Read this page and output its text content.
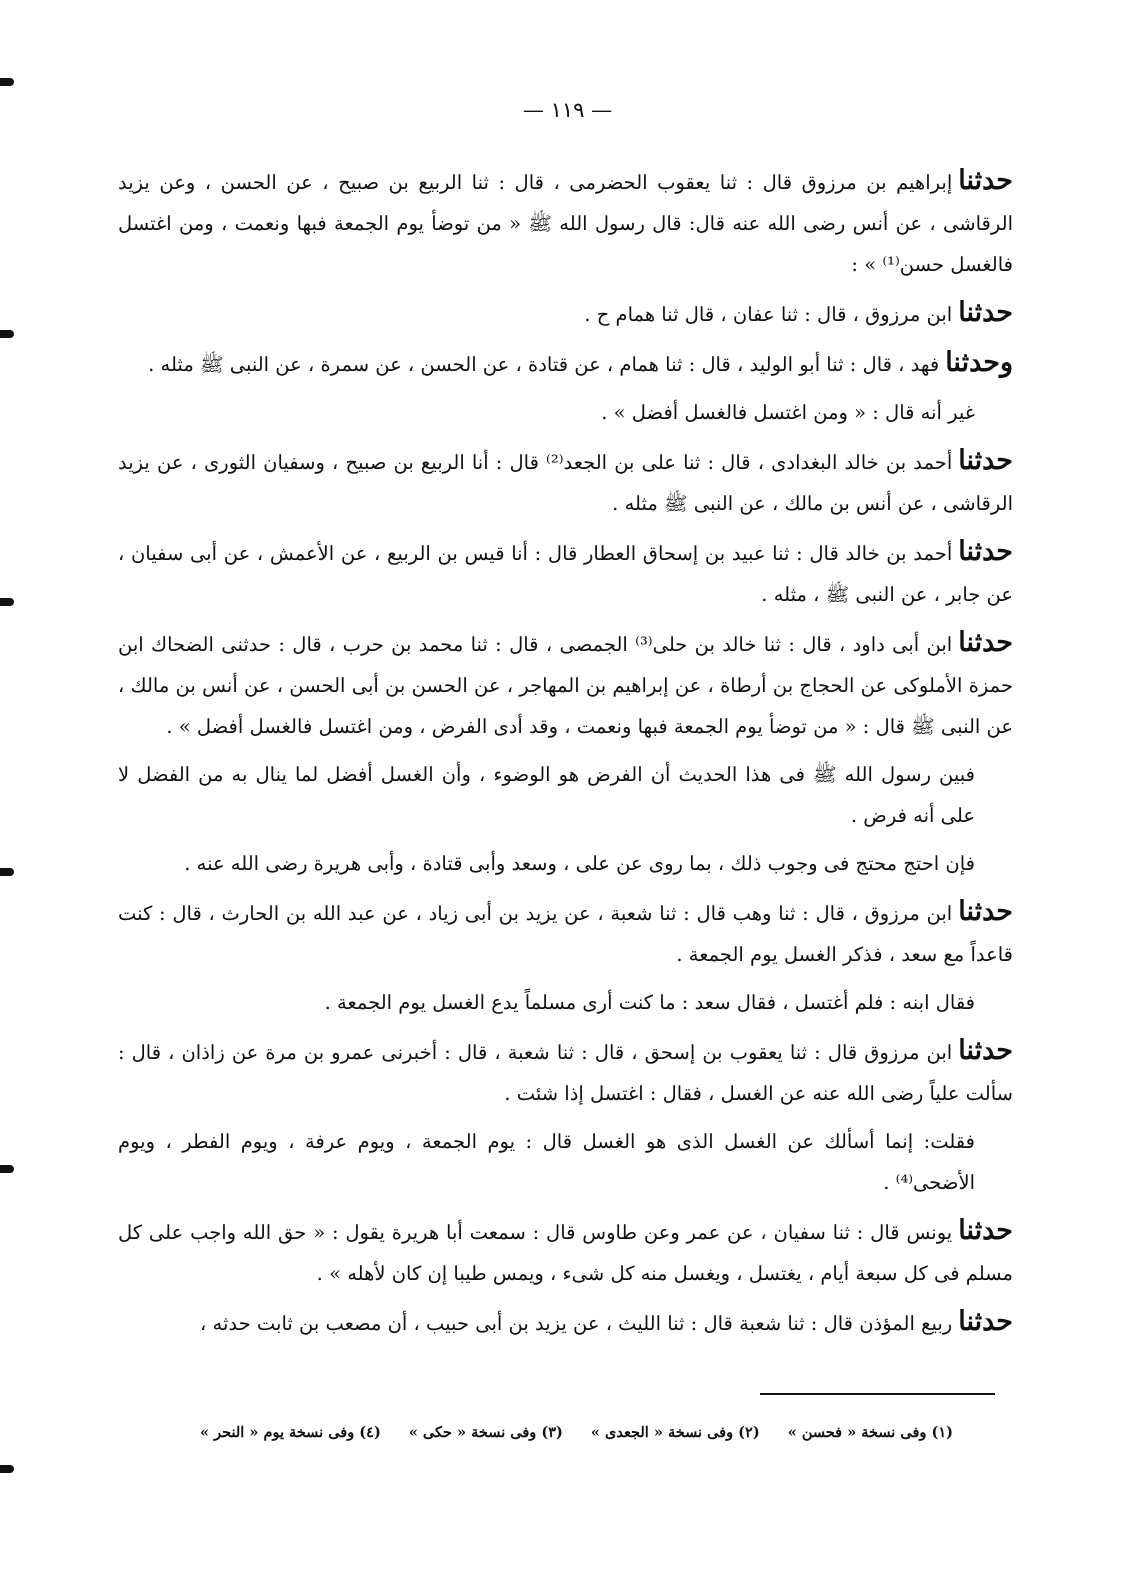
— ١١٩ —

حدثناإبراهيم بن مرزوق قال : ثنا يعقوب الحضرمى ، قال : ثنا الربيع بن صبيح ، عن الحسن ، وعن يزيد الرقاشى ، عن أنس رضى الله عنه قال: قال رسول الله ﷺ « من توضأ يوم الجمعة فبها ونعمت ، ومن اغتسل فالغسل حسن⁽¹⁾ » :

حدثناابن مرزوق ، قال : ثنا عفان ، قال ثنا همام ح .

وحدثنافهد ، قال : ثنا أبو الوليد ، قال : ثنا همام ، عن قتادة ، عن الحسن ، عن سمرة ، عن النبى ﷺ مثله .

غير أنه قال : « ومن اغتسل فالغسل أفضل » .

حدثناأحمد بن خالد البغدادى ، قال : ثنا على بن الجعد⁽²⁾ قال : أنا الربيع بن صبيح ، وسفيان الثورى ، عن يزيد الرقاشى ، عن أنس بن مالك ، عن النبى ﷺ مثله .

حدثناأحمد بن خالد قال : ثنا عبيد بن إسحاق العطار قال : أنا قيس بن الربيع ، عن الأعمش ، عن أبى سفيان ، عن جابر ، عن النبى ﷺ ، مثله .

حدثناابن أبى داود ، قال : ثنا خالد بن حلى⁽³⁾ الجمصى ، قال : ثنا محمد بن حرب ، قال : حدثنى الضحاك ابن حمزة الأملوكى عن الحجاج بن أرطاة ، عن إبراهيم بن المهاجر ، عن الحسن بن أبى الحسن ، عن أنس بن مالك ، عن النبى ﷺ قال : « من توضأ يوم الجمعة فبها ونعمت ، وقد أدى الفرض ، ومن اغتسل فالغسل أفضل » .

فبين رسول الله ﷺ فى هذا الحديث أن الفرض هو الوضوء ، وأن الغسل أفضل لما ينال به من الفضل لا على أنه فرض .

فإن احتج محتج فى وجوب ذلك ، بما روى عن على ، وسعد وأبى قتادة ، وأبى هريرة رضى الله عنه .

حدثناابن مرزوق ، قال : ثنا وهب قال : ثنا شعبة ، عن يزيد بن أبى زياد ، عن عبد الله بن الحارث ، قال : كنت قاعداً مع سعد ، فذكر الغسل يوم الجمعة .

فقال ابنه : فلم أغتسل ، فقال سعد : ما كنت أرى مسلماً يدع الغسل يوم الجمعة .

حدثناابن مرزوق قال : ثنا يعقوب بن إسحق ، قال : ثنا شعبة ، قال : أخبرنى عمرو بن مرة عن زاذان ، قال : سألت علياً رضى الله عنه عن الغسل ، فقال : اغتسل إذا شئت .

فقلت: إنما أسألك عن الغسل الذى هو الغسل قال : يوم الجمعة ، ويوم عرفة ، ويوم الفطر ، ويوم الأضحى⁽⁴⁾ .

حدثنايونس قال : ثنا سفيان ، عن عمر وعن طاوس قال : سمعت أبا هريرة يقول : « حق الله واجب على كل مسلم فى كل سبعة أيام ، يغتسل ، ويغسل منه كل شىء ، ويمس طيبا إن كان لأهله » .

حدثناربيع المؤذن قال : ثنا شعبة قال : ثنا الليث ، عن يزيد بن أبى حبيب ، أن مصعب بن ثابت حدثه ،

(١) وفى نسخة « فحسن »(٢) وفى نسخة « الجعدى »(٣) وفى نسخة « حكى »(٤) وفى نسخة يوم « النحر »
